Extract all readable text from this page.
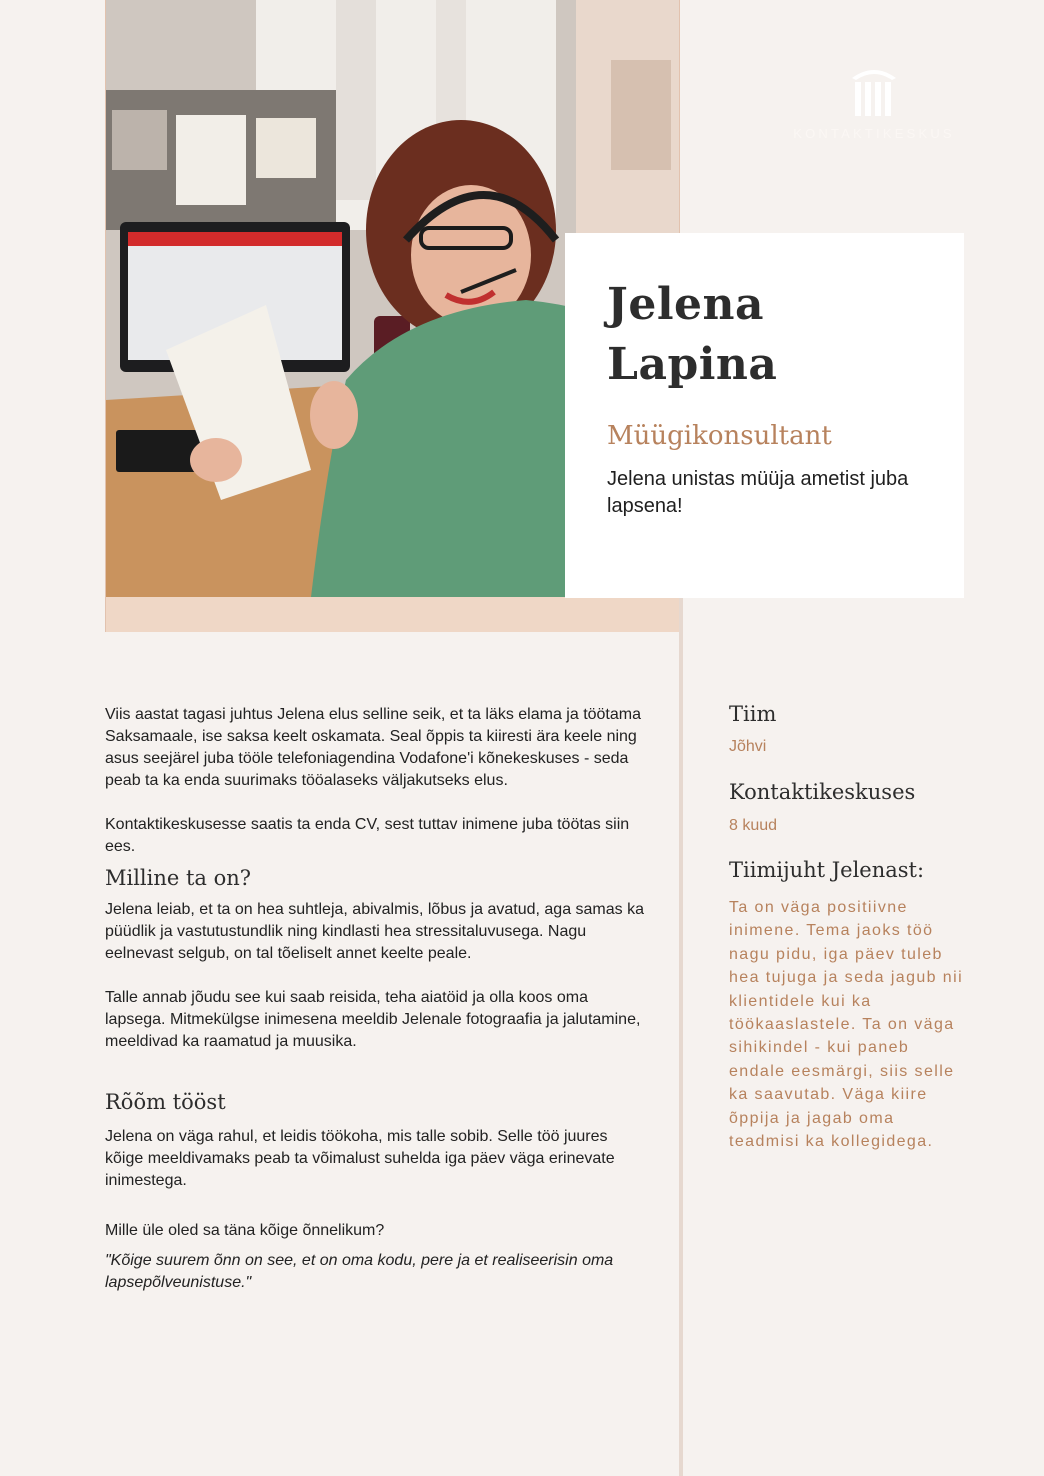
KONTAKTIKESKUS
Jelena
Lapina
Müügikonsultant
Jelena unistas müüja ametist juba lapsena!

Viis aastat tagasi juhtus Jelena elus selline seik, et ta läks elama ja töötama Saksamaale, ise saksa keelt oskamata. Seal õppis ta kiiresti ära keele ning asus seejärel juba tööle telefoniagendina Vodafone'i kõnekeskuses - seda peab ta ka enda suurimaks tööalaseks väljakutseks elus.

Kontaktikeskusesse saatis ta enda CV, sest tuttav inimene juba töötas siin ees.

Milline ta on?

Jelena leiab, et ta on hea suhtleja, abivalmis, lõbus ja avatud, aga samas ka püüdlik ja vastutustundlik ning kindlasti hea stressitaluvusega. Nagu eelnevast selgub, on tal tõeliselt annet keelte peale.

Talle annab jõudu see kui saab reisida, teha aiatöid ja olla koos oma lapsega. Mitmekülgse inimesena meeldib Jelenale fotograafia ja jalutamine, meeldivad ka raamatud ja muusika.

Rõõm tööst

Jelena on väga rahul, et leidis töökoha, mis talle sobib. Selle töö juures kõige meeldivamaks peab ta võimalust suhelda iga päev väga erinevate inimestega.

Mille üle oled sa täna kõige õnnelikum?

"Kõige suurem õnn on see, et on oma kodu, pere ja et realiseerisin oma lapsepõlveunistuse."

Tiim
Jõhvi
Kontaktikeskuses
8 kuud
Tiimijuht Jelenast:
Ta on väga positiivne inimene. Tema jaoks töö nagu pidu, iga päev tuleb hea tujuga ja seda jagub nii klientidele kui ka töökaaslastele. Ta on väga sihikindel - kui paneb endale eesmärgi, siis selle ka saavutab. Väga kiire õppija ja jagab oma teadmisi ka kollegidega.
